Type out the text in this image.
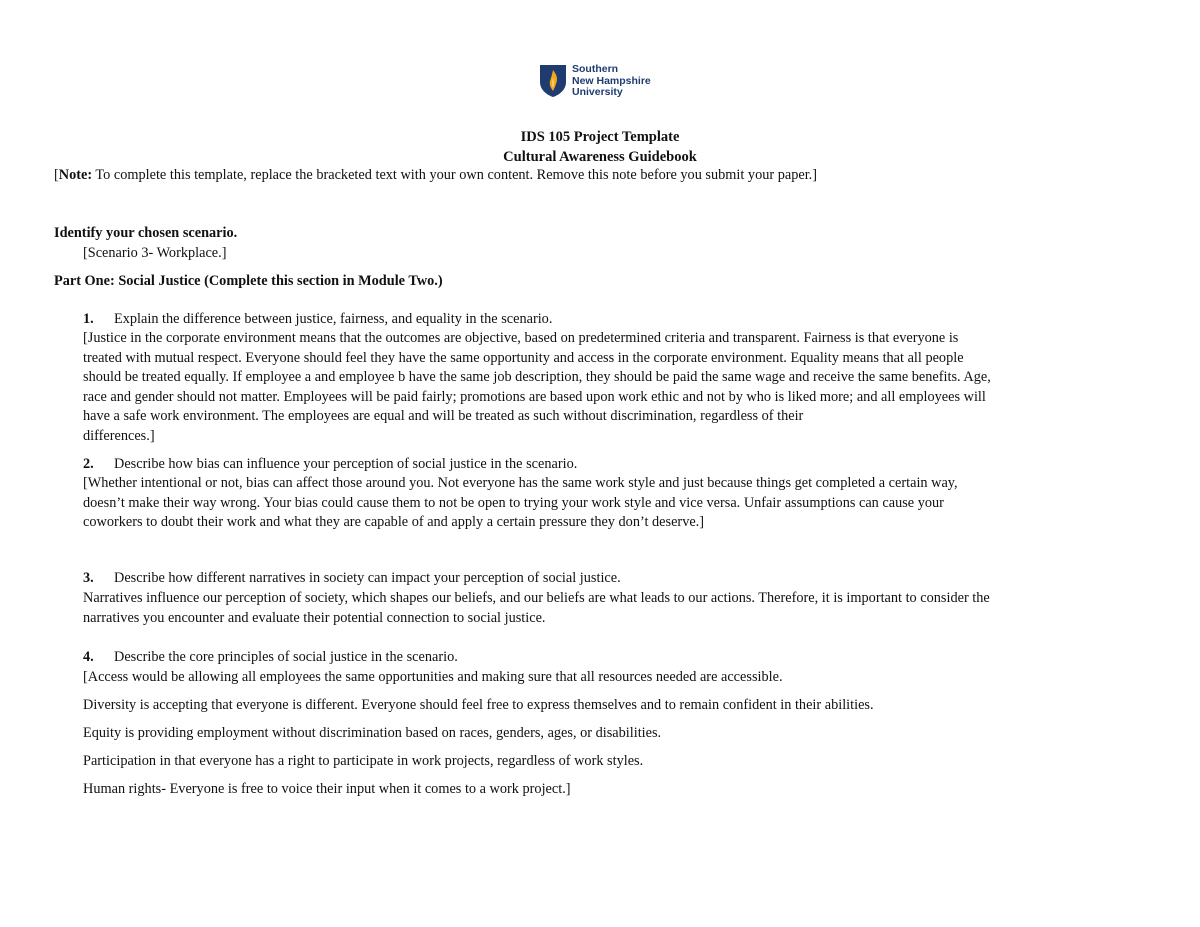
Southern
New Hampshire
University
IDS 105 Project Template
Cultural Awareness Guidebook
[Note: To complete this template, replace the bracketed text with your own content. Remove this note before you submit your paper.]
Identify your chosen scenario.
[Scenario 3- Workplace.]
Part One: Social Justice (Complete this section in Module Two.)
1. Explain the difference between justice, fairness, and equality in the scenario.
[Justice in the corporate environment means that the outcomes are objective, based on predetermined criteria and transparent. Fairness is that everyone is
treated with mutual respect. Everyone should feel they have the same opportunity and access in the corporate environment. Equality means that all people
should be treated equally. If employee a and employee b have the same job description, they should be paid the same wage and receive the same benefits. Age,
race and gender should not matter. Employees will be paid fairly; promotions are based upon work ethic and not by who is liked more; and all employees will
have a safe work environment. The employees are equal and will be treated as such without discrimination, regardless of their
differences.]
2. Describe how bias can influence your perception of social justice in the scenario.
[Whether intentional or not, bias can affect those around you. Not everyone has the same work style and just because things get completed a certain way,
doesn’t make their way wrong. Your bias could cause them to not be open to trying your work style and vice versa. Unfair assumptions can cause your
coworkers to doubt their work and what they are capable of and apply a certain pressure they don’t deserve.]
3. Describe how different narratives in society can impact your perception of social justice.
Narratives influence our perception of society, which shapes our beliefs, and our beliefs are what leads to our actions. Therefore, it is important to consider the
narratives you encounter and evaluate their potential connection to social justice.
4. Describe the core principles of social justice in the scenario.
[Access would be allowing all employees the same opportunities and making sure that all resources needed are accessible.
Diversity is accepting that everyone is different. Everyone should feel free to express themselves and to remain confident in their abilities.
Equity is providing employment without discrimination based on races, genders, ages, or disabilities.
Participation in that everyone has a right to participate in work projects, regardless of work styles.
Human rights- Everyone is free to voice their input when it comes to a work project.]
